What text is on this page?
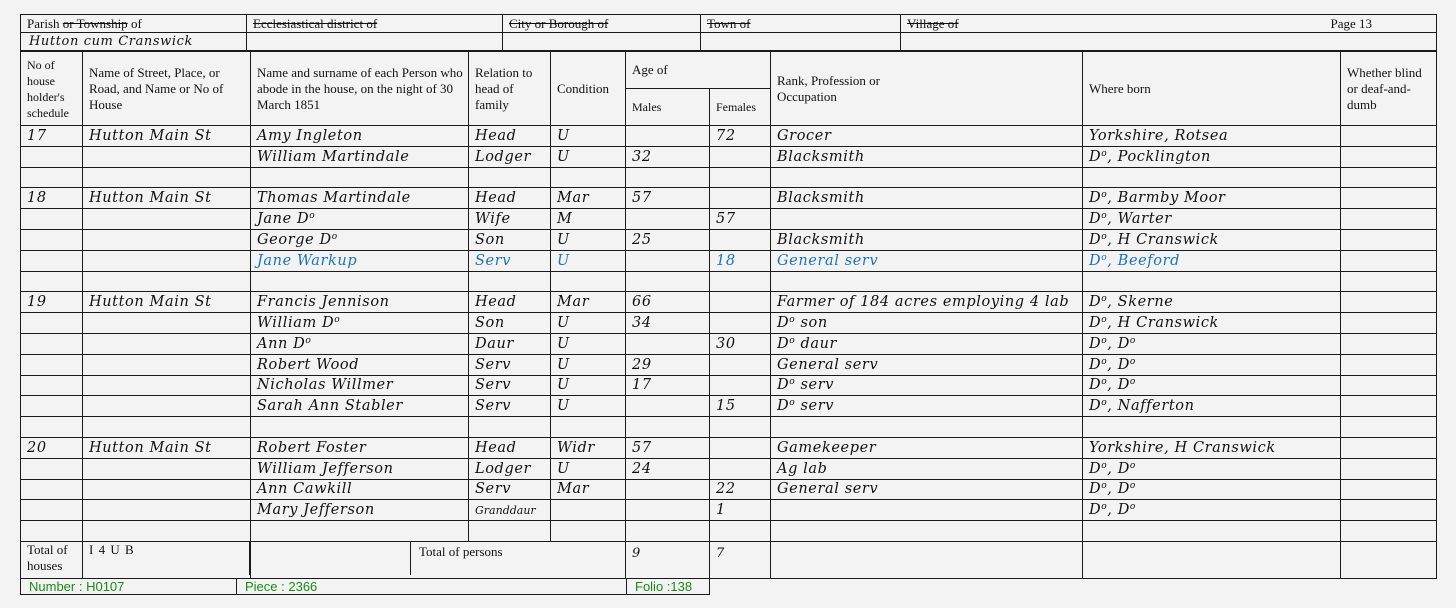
Parish or Township of	Ecclesiastical district of	City or Borough of	Town of	Village of Page 13

Hutton cum Cranswick				
No of house holder's schedule	Name of Street, Place, or Road, and Name or No of House	Name and surname of each Person who abode in the house, on the night of 30 March 1851	Relation to head of family	Condition	Age of		Rank, Profession or Occupation	Where born	Whether blind or deaf-and-dumb
					Males	Females			
17	Hutton Main St	Amy Ingleton	Head	U		72	Grocer	Yorkshire, Rotsea	
		William Martindale	Lodger	U	32		Blacksmith	$D^o$, Pocklington	

18	Hutton Main St	Thomas Martindale	Head	Mar	57		Blacksmith	$D^o$, Barmby Moor	
		Jane $D^o$	Wife	M		57		$D^o$, Warter	
		George $D^o$	Son	U	25		Blacksmith	$D^o$, H Cranswick	
		Jane Warkup	Serv	U		18	General serv	$D^o$, Beeford	

19	Hutton Main St	Francis Jennison	Head	Mar	66		Farmer of 184 acres employing 4 lab	$D^o$, Skerne	
		William $D^o$	Son	U	34		$D^o$ son	$D^o$, H Cranswick	
		Ann $D^o$	Daur	U		30	$D^o$ daur	$D^o$, $D^o$	
		Robert Wood	Serv	U	29		General serv	$D^o$, $D^o$	
		Nicholas Willmer	Serv	U	17		$D^o$ serv	$D^o$, $D^o$	
		Sarah Ann Stabler	Serv	U		15	$D^o$ serv	$D^o$, Nafferton	

20	Hutton Main St	Robert Foster	Head	Widr	57		Gamekeeper	Yorkshire, H Cranswick	
		William Jefferson	Lodger	U	24		Ag lab	$D^o$, $D^o$	
		Ann Cawkill	Serv	Mar		22	General serv	$D^o$, $D^o$	
		Mary Jefferson	Granddaur			1		$D^o$, $D^o$	

Total of houses	I 4 U B	Total of persons			9	7			
Number : H0107	Piece : 2366	Folio :138
